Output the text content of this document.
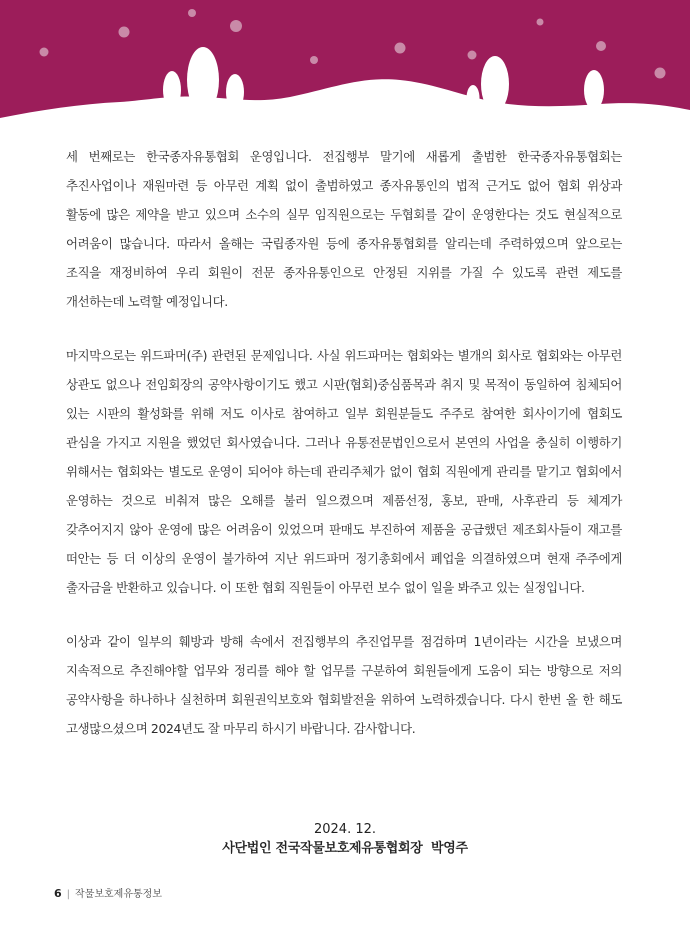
세 번째로는 한국종자유통협회 운영입니다. 전집행부 말기에 새롭게 출범한 한국종자유통협회는 추진사업이나 재원마련 등 아무런 계획 없이 출범하였고 종자유통인의 법적 근거도 없어 협회 위상과 활동에 많은 제약을 받고 있으며 소수의 실무 임직원으로는 두협회를 같이 운영한다는 것도 현실적으로 어려움이 많습니다. 따라서 올해는 국립종자원 등에 종자유통협회를 알리는데 주력하였으며 앞으로는 조직을 재정비하여 우리 회원이 전문 종자유통인으로 안정된 지위를 가질 수 있도록 관련 제도를 개선하는데 노력할 예정입니다.

마지막으로는 위드파머(주) 관련된 문제입니다. 사실 위드파머는 협회와는 별개의 회사로 협회와는 아무런 상관도 없으나 전임회장의 공약사항이기도 했고 시판(협회)중심품목과 취지 및 목적이 동일하여 침체되어 있는 시판의 활성화를 위해 저도 이사로 참여하고 일부 회원분들도 주주로 참여한 회사이기에 협회도 관심을 가지고 지원을 했었던 회사였습니다. 그러나 유통전문법인으로서 본연의 사업을 충실히 이행하기 위해서는 협회와는 별도로 운영이 되어야 하는데 관리주체가 없이 협회 직원에게 관리를 맡기고 협회에서 운영하는 것으로 비춰져 많은 오해를 불러 일으켰으며 제품선정, 홍보, 판매, 사후관리 등 체계가 갖추어지지 않아 운영에 많은 어려움이 있었으며 판매도 부진하여 제품을 공급했던 제조회사들이 재고를 떠안는 등 더 이상의 운영이 불가하여 지난 위드파머 정기총회에서 폐업을 의결하였으며 현재 주주에게 출자금을 반환하고 있습니다. 이 또한 협회 직원들이 아무런 보수 없이 일을 봐주고 있는 실정입니다.

이상과 같이 일부의 훼방과 방해 속에서 전집행부의 추진업무를 점검하며 1년이라는 시간을 보냈으며 지속적으로 추진해야할 업무와 정리를 해야 할 업무를 구분하여 회원들에게 도움이 되는 방향으로 저의 공약사항을 하나하나 실천하며 회원권익보호와 협회발전을 위하여 노력하겠습니다. 다시 한번 올 한 해도 고생많으셨으며 2024년도 잘 마무리 하시기 바랍니다. 감사합니다.

2024. 12.
사단법인 전국작물보호제유통협회장 박영주
6 | 작물보호제유통정보
